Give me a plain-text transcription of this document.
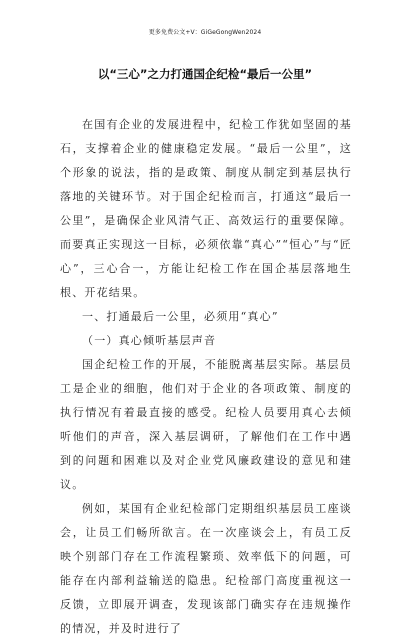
更多免费公文+V：GiGeGongWen2024
以“三心”之力打通国企纪检“最后一公里”

在国有企业的发展进程中，纪检工作犹如坚固的基石，支撑着企业的健康稳定发展。“最后一公里”，这个形象的说法，指的是政策、制度从制定到基层执行落地的关键环节。对于国企纪检而言，打通这“最后一公里”，是确保企业风清气正、高效运行的重要保障。而要真正实现这一目标，必须依靠“真心”“恒心”与“匠心”，三心合一，方能让纪检工作在国企基层落地生根、开花结果。

一、打通最后一公里，必须用“真心”

（一）真心倾听基层声音

国企纪检工作的开展，不能脱离基层实际。基层员工是企业的细胞，他们对于企业的各项政策、制度的执行情况有着最直接的感受。纪检人员要用真心去倾听他们的声音，深入基层调研，了解他们在工作中遇到的问题和困难以及对企业党风廉政建设的意见和建议。

例如，某国有企业纪检部门定期组织基层员工座谈会，让员工们畅所欲言。在一次座谈会上，有员工反映个别部门存在工作流程繁琐、效率低下的问题，可能存在内部利益输送的隐患。纪检部门高度重视这一反馈，立即展开调查，发现该部门确实存在违规操作的情况，并及时进行了
